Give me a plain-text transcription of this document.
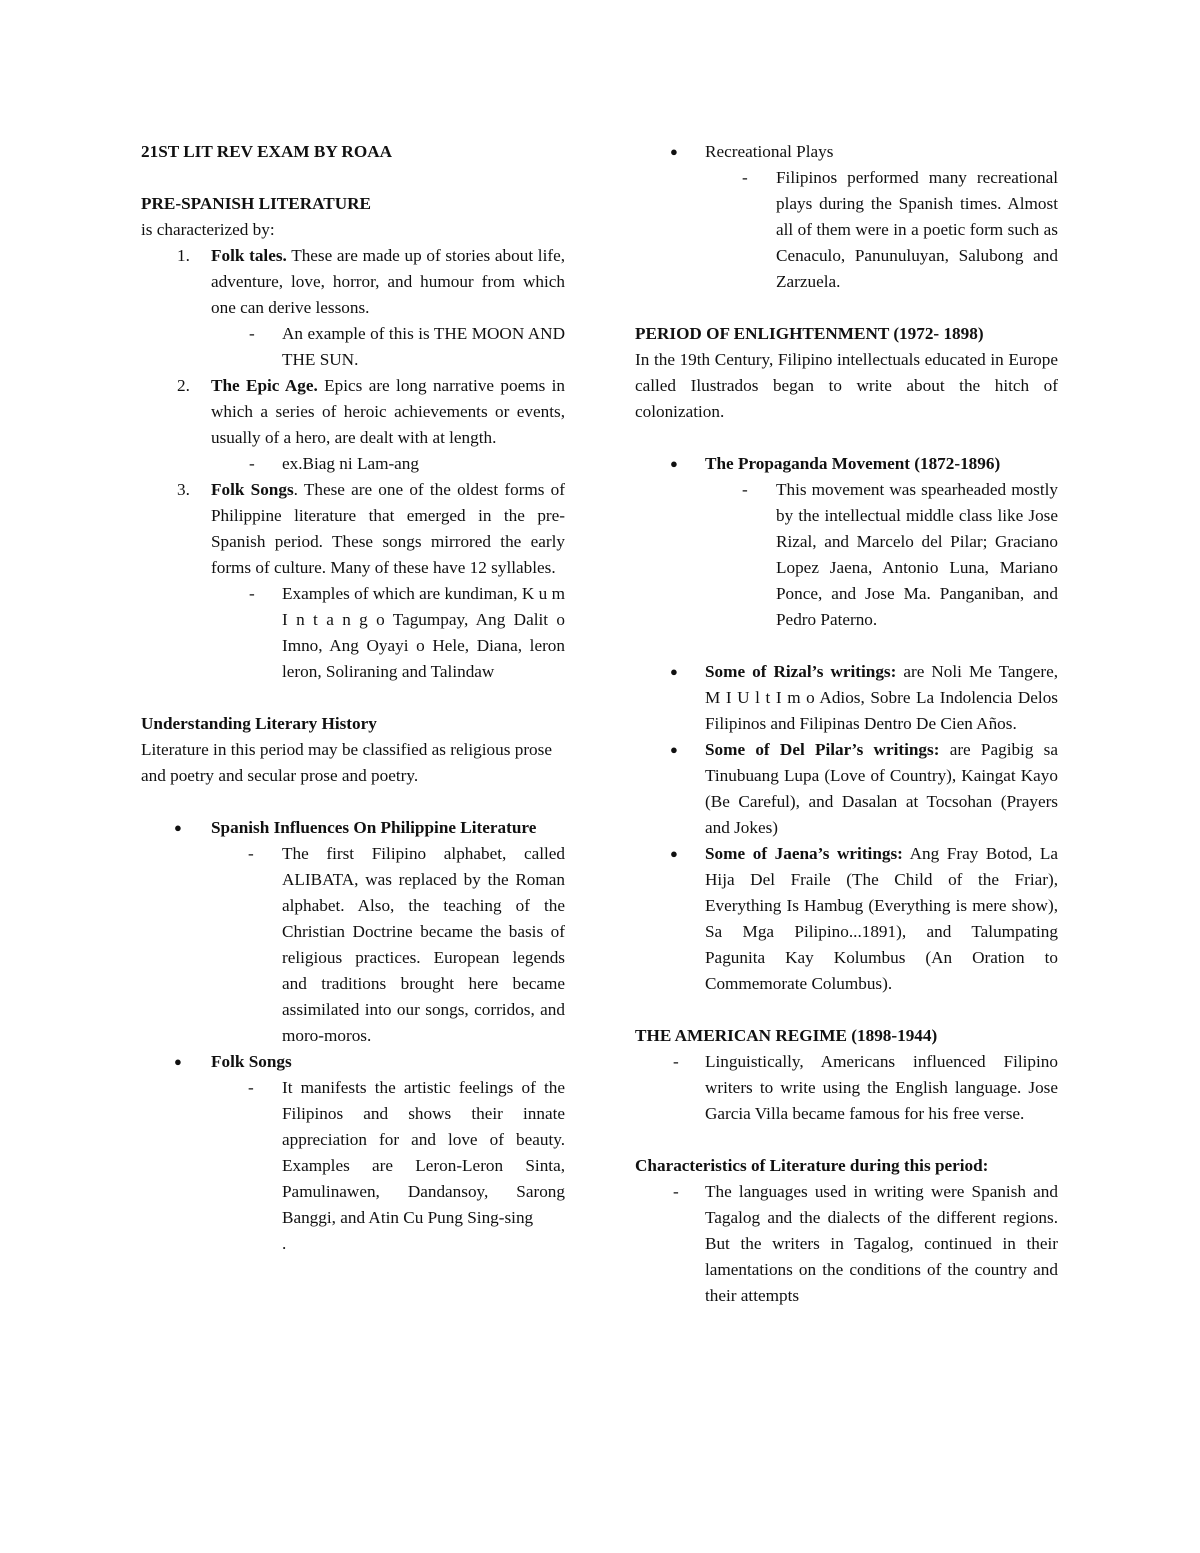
21ST LIT REV EXAM BY ROAA
PRE-SPANISH LITERATURE
is characterized by:
1. Folk tales. These are made up of stories about life, adventure, love, horror, and humour from which one can derive lessons.
- An example of this is THE MOON AND THE SUN.
2. The Epic Age. Epics are long narrative poems in which a series of heroic achievements or events, usually of a hero, are dealt with at length.
- ex.Biag ni Lam-ang
3. Folk Songs. These are one of the oldest forms of Philippine literature that emerged in the pre-Spanish period. These songs mirrored the early forms of culture. Many of these have 12 syllables.
- Examples of which are kundiman, K u m I n t a n g o Tagumpay, Ang Dalit o Imno, Ang Oyayi o Hele, Diana, leron leron, Soliraning and Talindaw
Understanding Literary History
Literature in this period may be classified as religious prose and poetry and secular prose and poetry.
● Spanish Influences On Philippine Literature
- The first Filipino alphabet, called ALIBATA, was replaced by the Roman alphabet. Also, the teaching of the Christian Doctrine became the basis of religious practices. European legends and traditions brought here became assimilated into our songs, corridos, and moro-moros.
● Folk Songs
- It manifests the artistic feelings of the Filipinos and shows their innate appreciation for and love of beauty. Examples are Leron-Leron Sinta, Pamulinawen, Dandansoy, Sarong Banggi, and Atin Cu Pung Sing-sing
.
● Recreational Plays
- Filipinos performed many recreational plays during the Spanish times. Almost all of them were in a poetic form such as Cenaculo, Panunuluyan, Salubong and Zarzuela.
PERIOD OF ENLIGHTENMENT (1972- 1898)
In the 19th Century, Filipino intellectuals educated in Europe called Ilustrados began to write about the hitch of colonization.
● The Propaganda Movement (1872-1896)
- This movement was spearheaded mostly by the intellectual middle class like Jose Rizal, and Marcelo del Pilar; Graciano Lopez Jaena, Antonio Luna, Mariano Ponce, and Jose Ma. Panganiban, and Pedro Paterno.
● Some of Rizal’s writings: are Noli Me Tangere, M I U l t I m o Adios, Sobre La Indolencia Delos Filipinos and Filipinas Dentro De Cien Años.
● Some of Del Pilar’s writings: are Pagibig sa Tinubuang Lupa (Love of Country), Kaingat Kayo (Be Careful), and Dasalan at Tocsohan (Prayers and Jokes)
● Some of Jaena’s writings: Ang Fray Botod, La Hija Del Fraile (The Child of the Friar), Everything Is Hambug (Everything is mere show), Sa Mga Pilipino...1891), and Talumpating Pagunita Kay Kolumbus (An Oration to Commemorate Columbus).
THE AMERICAN REGIME (1898-1944)
- Linguistically, Americans influenced Filipino writers to write using the English language. Jose Garcia Villa became famous for his free verse.
Characteristics of Literature during this period:
- The languages used in writing were Spanish and Tagalog and the dialects of the different regions. But the writers in Tagalog, continued in their lamentations on the conditions of the country and their attempts
